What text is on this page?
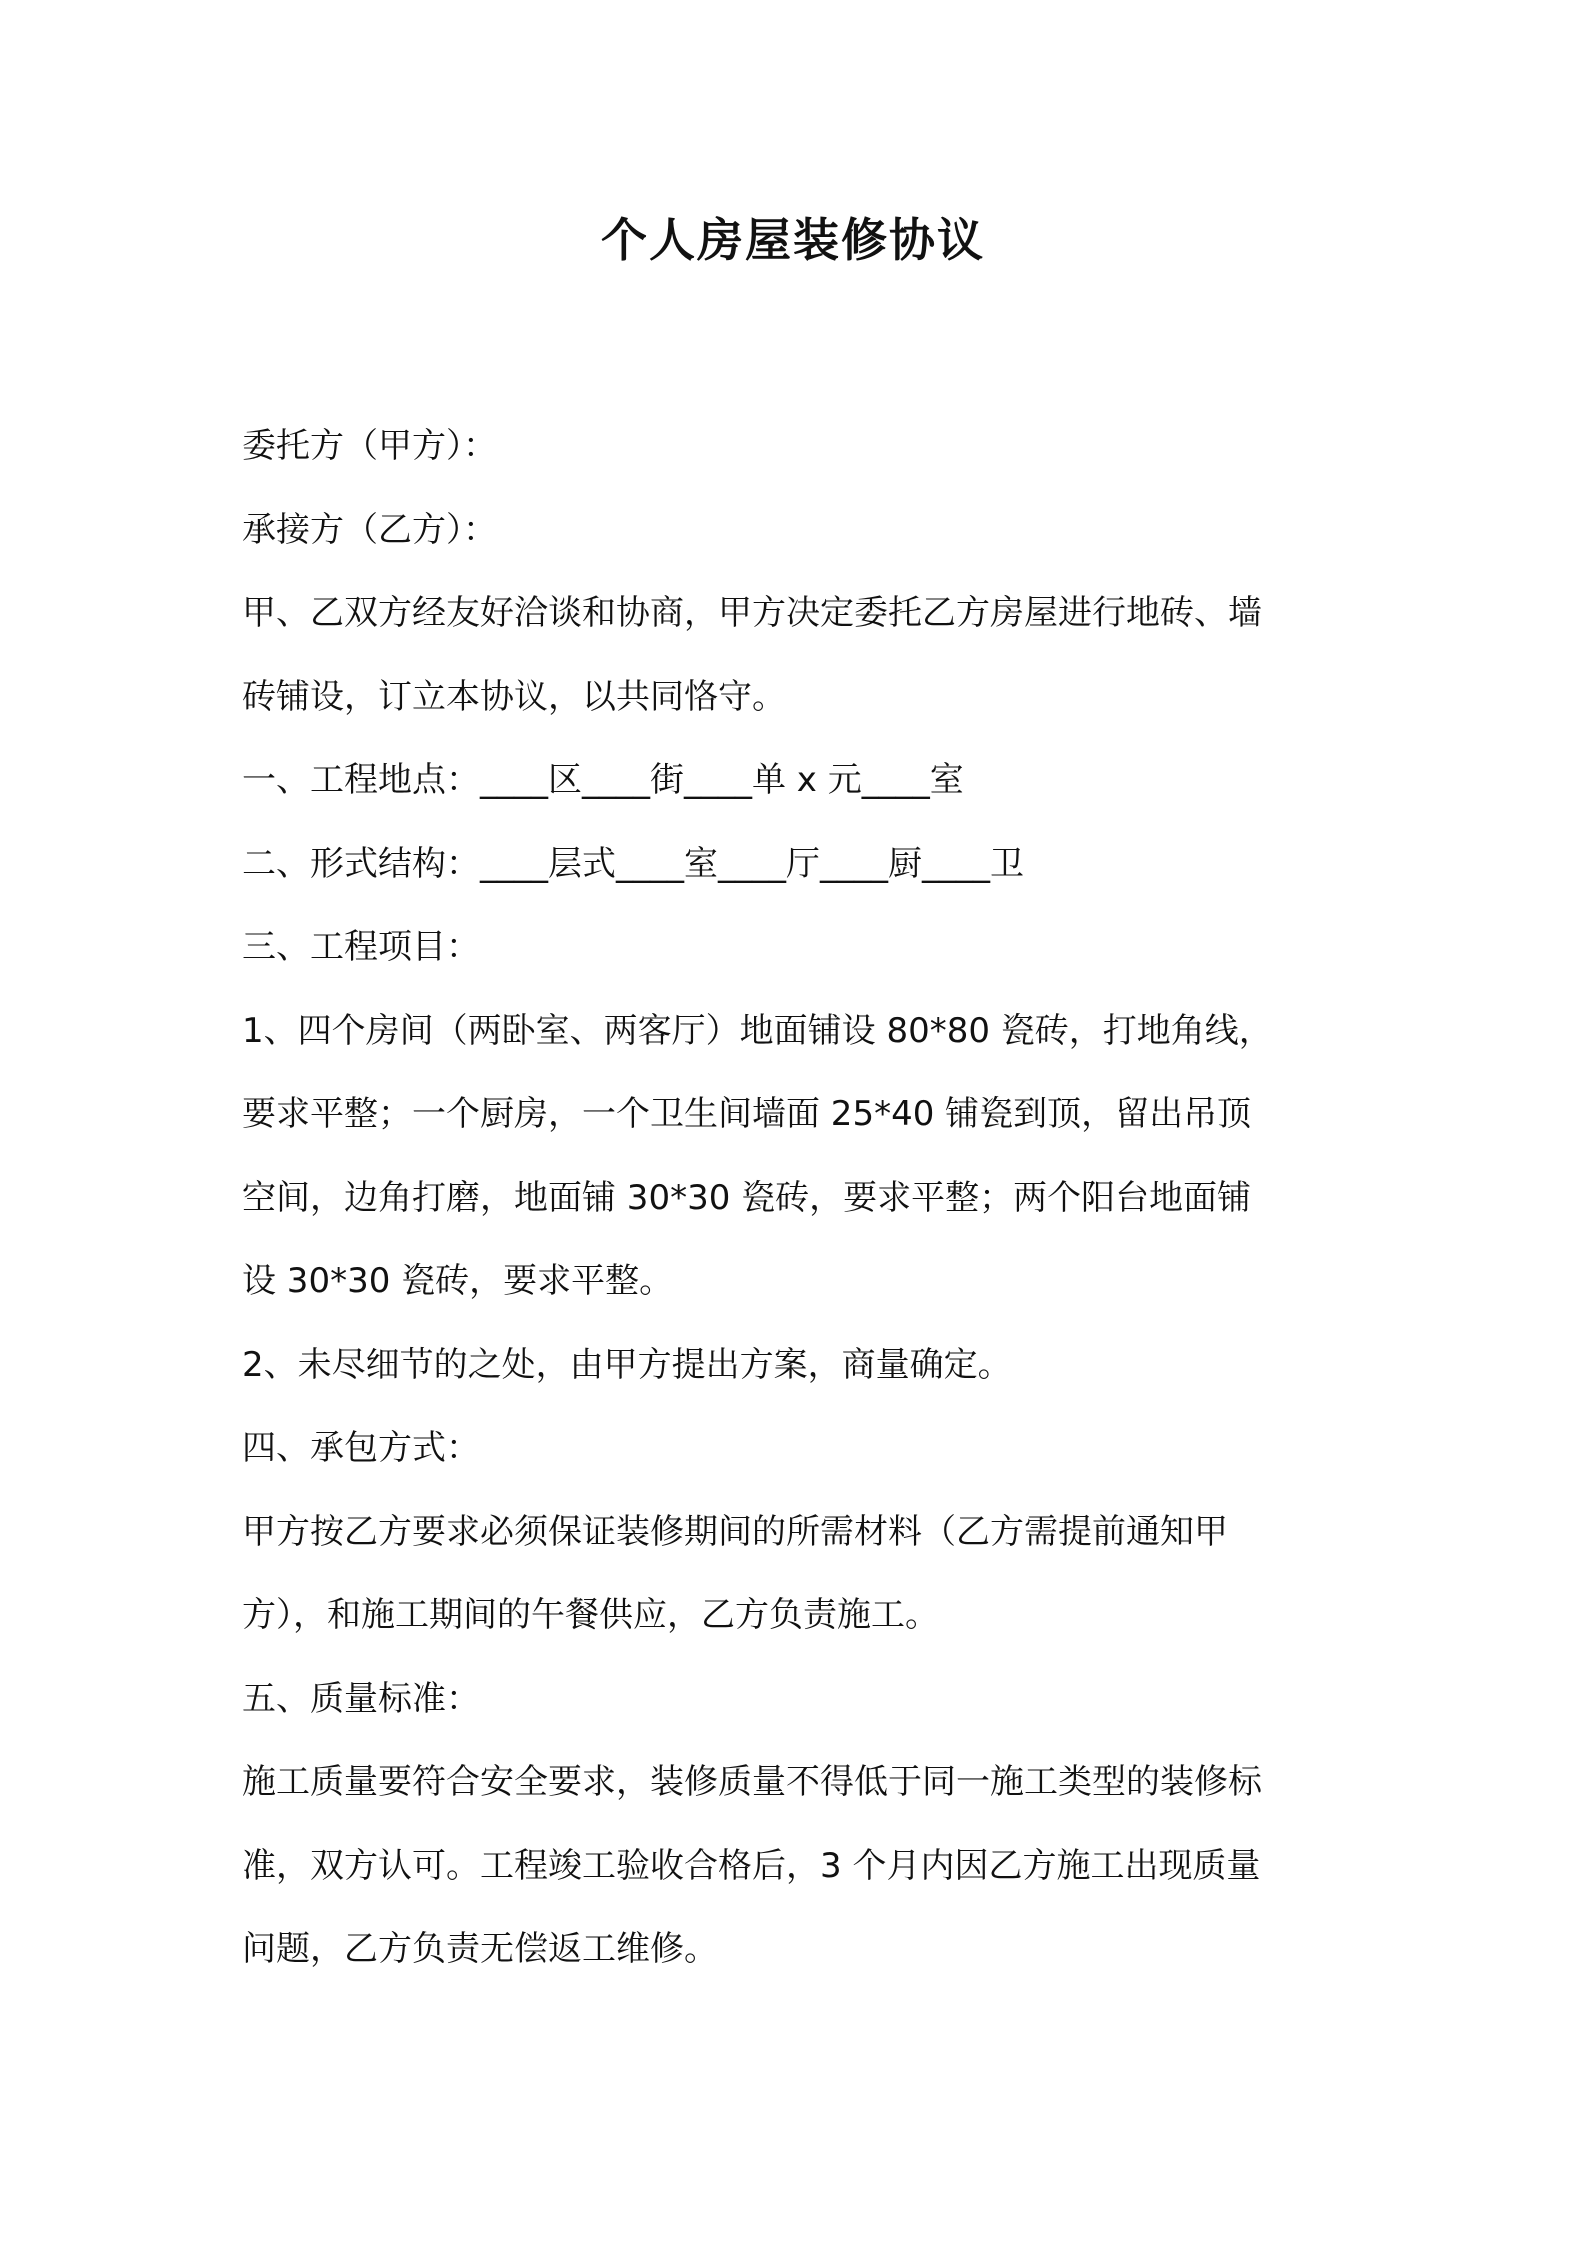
个人房屋装修协议

委托方（甲方）：

承接方（乙方）：

甲、乙双方经友好洽谈和协商，甲方决定委托乙方房屋进行地砖、墙

砖铺设，订立本协议，以共同恪守。

一、工程地点：____区____街____单 x 元____室

二、形式结构：____层式____室____厅____厨____卫

三、工程项目：

1、四个房间（两卧室、两客厅）地面铺设 80*80 瓷砖，打地角线，

要求平整；一个厨房，一个卫生间墙面 25*40 铺瓷到顶，留出吊顶

空间，边角打磨，地面铺 30*30 瓷砖，要求平整；两个阳台地面铺

设 30*30 瓷砖，要求平整。

2、未尽细节的之处，由甲方提出方案，商量确定。

四、承包方式：

甲方按乙方要求必须保证装修期间的所需材料（乙方需提前通知甲

方），和施工期间的午餐供应，乙方负责施工。

五、质量标准：

施工质量要符合安全要求，装修质量不得低于同一施工类型的装修标

准，双方认可。工程竣工验收合格后，3 个月内因乙方施工出现质量

问题，乙方负责无偿返工维修。
